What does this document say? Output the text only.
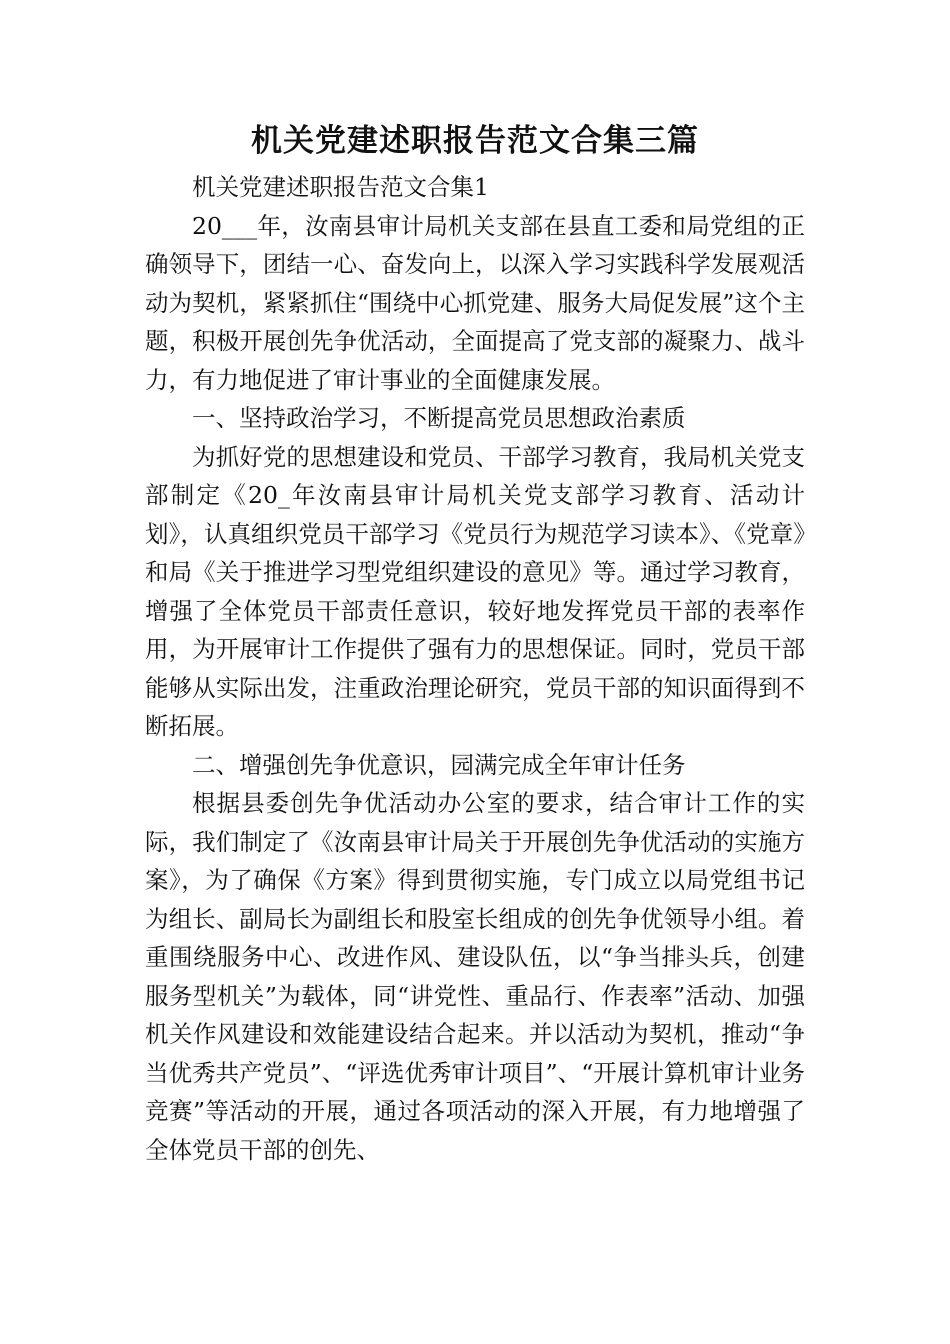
机关党建述职报告范文合集三篇

机关党建述职报告范文合集1

20___年，汝南县审计局机关支部在县直工委和局党组的正确领导下，团结一心、奋发向上，以深入学习实践科学发展观活动为契机，紧紧抓住“围绕中心抓党建、服务大局促发展”这个主题，积极开展创先争优活动，全面提高了党支部的凝聚力、战斗力，有力地促进了审计事业的全面健康发展。

一、坚持政治学习，不断提高党员思想政治素质

为抓好党的思想建设和党员、干部学习教育，我局机关党支部制定《20_年汝南县审计局机关党支部学习教育、活动计划》，认真组织党员干部学习《党员行为规范学习读本》、《党章》和局《关于推进学习型党组织建设的意见》等。通过学习教育，增强了全体党员干部责任意识，较好地发挥党员干部的表率作用，为开展审计工作提供了强有力的思想保证。同时，党员干部能够从实际出发，注重政治理论研究，党员干部的知识面得到不断拓展。

二、增强创先争优意识，园满完成全年审计任务

根据县委创先争优活动办公室的要求，结合审计工作的实际，我们制定了《汝南县审计局关于开展创先争优活动的实施方案》，为了确保《方案》得到贯彻实施，专门成立以局党组书记为组长、副局长为副组长和股室长组成的创先争优领导小组。着重围绕服务中心、改进作风、建设队伍，以“争当排头兵，创建服务型机关”为载体，同“讲党性、重品行、作表率”活动、加强机关作风建设和效能建设结合起来。并以活动为契机，推动“争当优秀共产党员”、“评选优秀审计项目”、“开展计算机审计业务竞赛”等活动的开展，通过各项活动的深入开展，有力地增强了全体党员干部的创先、
